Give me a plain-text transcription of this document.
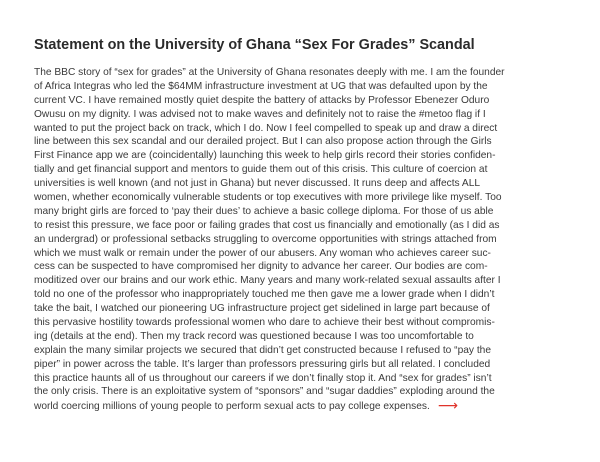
Statement on the University of Ghana “Sex For Grades” Scandal
The BBC story of “sex for grades” at the University of Ghana resonates deeply with me. I am the founder
of Africa Integras who led the $64MM infrastructure investment at UG that was defaulted upon by the
current VC. I have remained mostly quiet despite the battery of attacks by Professor Ebenezer Oduro
Owusu on my dignity. I was advised not to make waves and definitely not to raise the #metoo flag if I
wanted to put the project back on track, which I do. Now I feel compelled to speak up and draw a direct
line between this sex scandal and our derailed project. But I can also propose action through the Girls
First Finance app we are (coincidentally) launching this week to help girls record their stories confiden-
tially and get financial support and mentors to guide them out of this crisis. This culture of coercion at
universities is well known (and not just in Ghana) but never discussed. It runs deep and affects ALL
women, whether economically vulnerable students or top executives with more privilege like myself. Too
many bright girls are forced to ‘pay their dues’ to achieve a basic college diploma. For those of us able
to resist this pressure, we face poor or failing grades that cost us financially and emotionally (as I did as
an undergrad) or professional setbacks struggling to overcome opportunities with strings attached from
which we must walk or remain under the power of our abusers. Any woman who achieves career suc-
cess can be suspected to have compromised her dignity to advance her career. Our bodies are com-
moditized over our brains and our work ethic. Many years and many work-related sexual assaults after I
told no one of the professor who inappropriately touched me then gave me a lower grade when I didn’t
take the bait, I watched our pioneering UG infrastructure project get sidelined in large part because of
this pervasive hostility towards professional women who dare to achieve their best without compromis-
ing (details at the end). Then my track record was questioned because I was too uncomfortable to
explain the many similar projects we secured that didn’t get constructed because I refused to “pay the
piper” in power across the table. It’s larger than professors pressuring girls but all related. I concluded
this practice haunts all of us throughout our careers if we don’t finally stop it. And “sex for grades” isn’t
the only crisis. There is an exploitative system of “sponsors” and “sugar daddies” exploding around the
world coercing millions of young people to perform sexual acts to pay college expenses. ⟶
